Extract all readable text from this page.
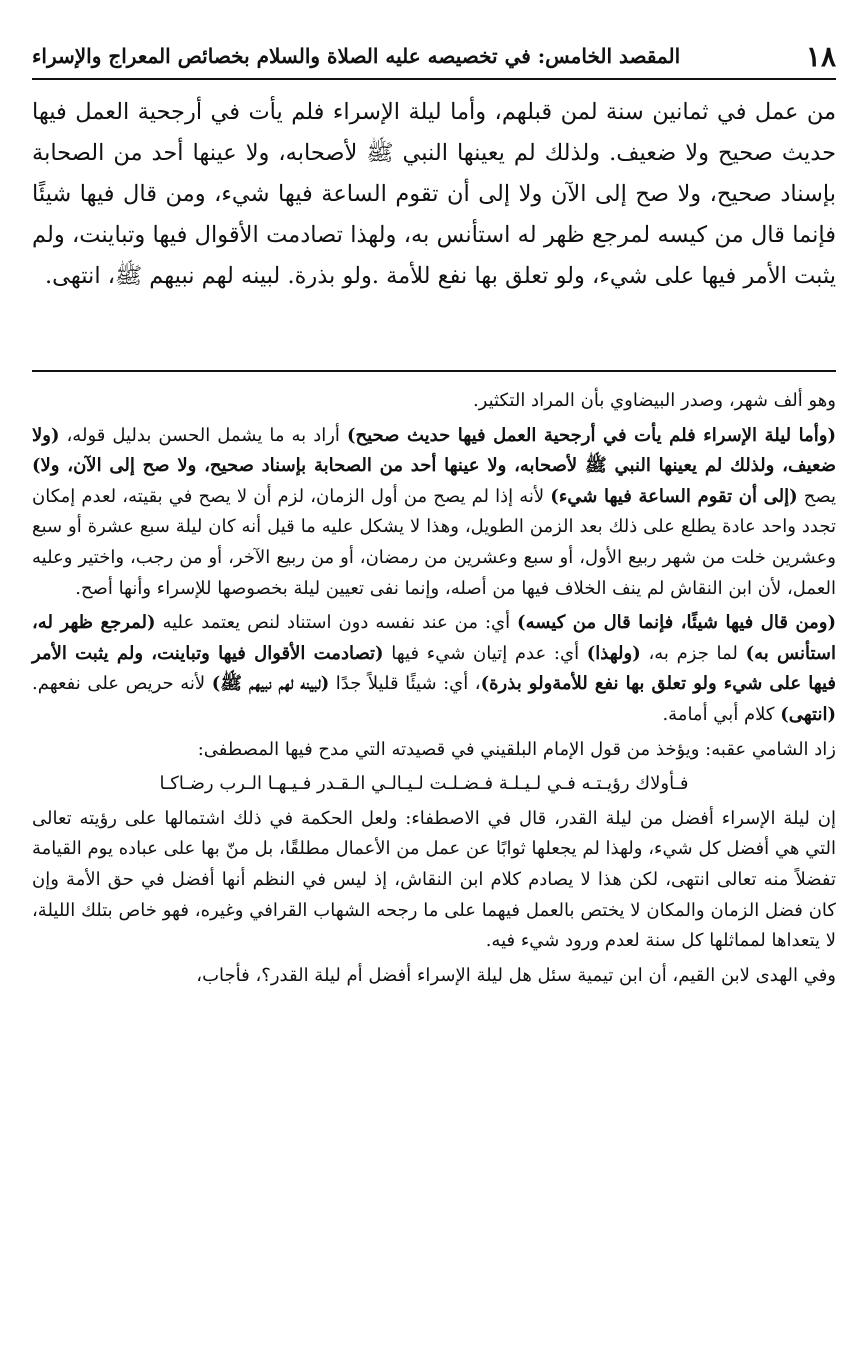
١٨
المقصد الخامس: في تخصيصه عليه الصلاة والسلام بخصائص المعراج والإسراء
من عمل في ثمانين سنة لمن قبلهم، وأما ليلة الإسراء فلم يأت في أرجحية العمل فيها حديث صحيح ولا ضعيف. ولذلك لم يعينها النبي ﷺ لأصحابه، ولا عينها أحد من الصحابة بإسناد صحيح، ولا صح إلى الآن ولا إلى أن تقوم الساعة فيها شيء، ومن قال فيها شيئًا فإنما قال من كيسه لمرجع ظهر له استأنس به، ولهذا تصادمت الأقوال فيها وتباينت، ولم يثبت الأمر فيها على شيء، ولو تعلق بها نفع للأمة .ولو بذرة. لبينه لهم نبيهم ﷺ، انتهى.

وهو ألف شهر، وصدر البيضاوي بأن المراد التكثير.

(وأما ليلة الإسراء فلم يأت في أرجحية العمل فيها حديث صحيح) أراد به ما يشمل الحسن بدليل قوله، (ولا ضعيف، ولذلك لم يعينها النبي ﷺ لأصحابه، ولا عينها أحد من الصحابة بإسناد صحيح، ولا صح إلى الآن، ولا) يصح (إلى أن تقوم الساعة فيها شيء) لأنه إذا لم يصح من أول الزمان، لزم أن لا يصح في بقيته، لعدم إمكان تجدد واحد عادة يطلع على ذلك بعد الزمن الطويل، وهذا لا يشكل عليه ما قيل أنه كان ليلة سبع عشرة أو سبع وعشرين خلت من شهر ربيع الأول، أو سبع وعشرين من رمضان، أو من ربيع الآخر، أو من رجب، واختير وعليه العمل، لأن ابن النقاش لم ينف الخلاف فيها من أصله، وإنما نفى تعيين ليلة بخصوصها للإسراء وأنها أصح.

(ومن قال فيها شيئًا، فإنما قال من كيسه) أي: من عند نفسه دون استناد لنص يعتمد عليه (لمرجع ظهر له، استأنس به) لما جزم به، (ولهذا) أي: عدم إتيان شيء فيها (تصادمت الأقوال فيها وتباينت، ولم يثبت الأمر فيها على شيء ولو تعلق بها نفع للأمةولو بذرة)، أي: شيئًا قليلاً جدًا (لبينه لهم نبيهم ﷺ) لأنه حريص على نفعهم. (انتهى) كلام أبي أمامة.

زاد الشامي عقبه: ويؤخذ من قول الإمام البلقيني في قصيدته التي مدح فيها المصطفى:

فـأولاك رؤيـتـه فـي لـيـلـة فـضـلـت لـيـالـي الـقـدر فـيـهـا الـرب رضـاكـا

إن ليلة الإسراء أفضل من ليلة القدر، قال في الاصطفاء: ولعل الحكمة في ذلك اشتمالها على رؤيته تعالى التي هي أفضل كل شيء، ولهذا لم يجعلها ثوابًا عن عمل من الأعمال مطلقًا، بل منّ بها على عباده يوم القيامة تفضلاً منه تعالى انتهى، لكن هذا لا يصادم كلام ابن النقاش، إذ ليس في النظم أنها أفضل في حق الأمة وإن كان فضل الزمان والمكان لا يختص بالعمل فيهما على ما رجحه الشهاب القرافي وغيره، فهو خاص بتلك الليلة، لا يتعداها لمماثلها كل سنة لعدم ورود شيء فيه.

وفي الهدى لابن القيم، أن ابن تيمية سئل هل ليلة الإسراء أفضل أم ليلة القدر؟، فأجاب،
